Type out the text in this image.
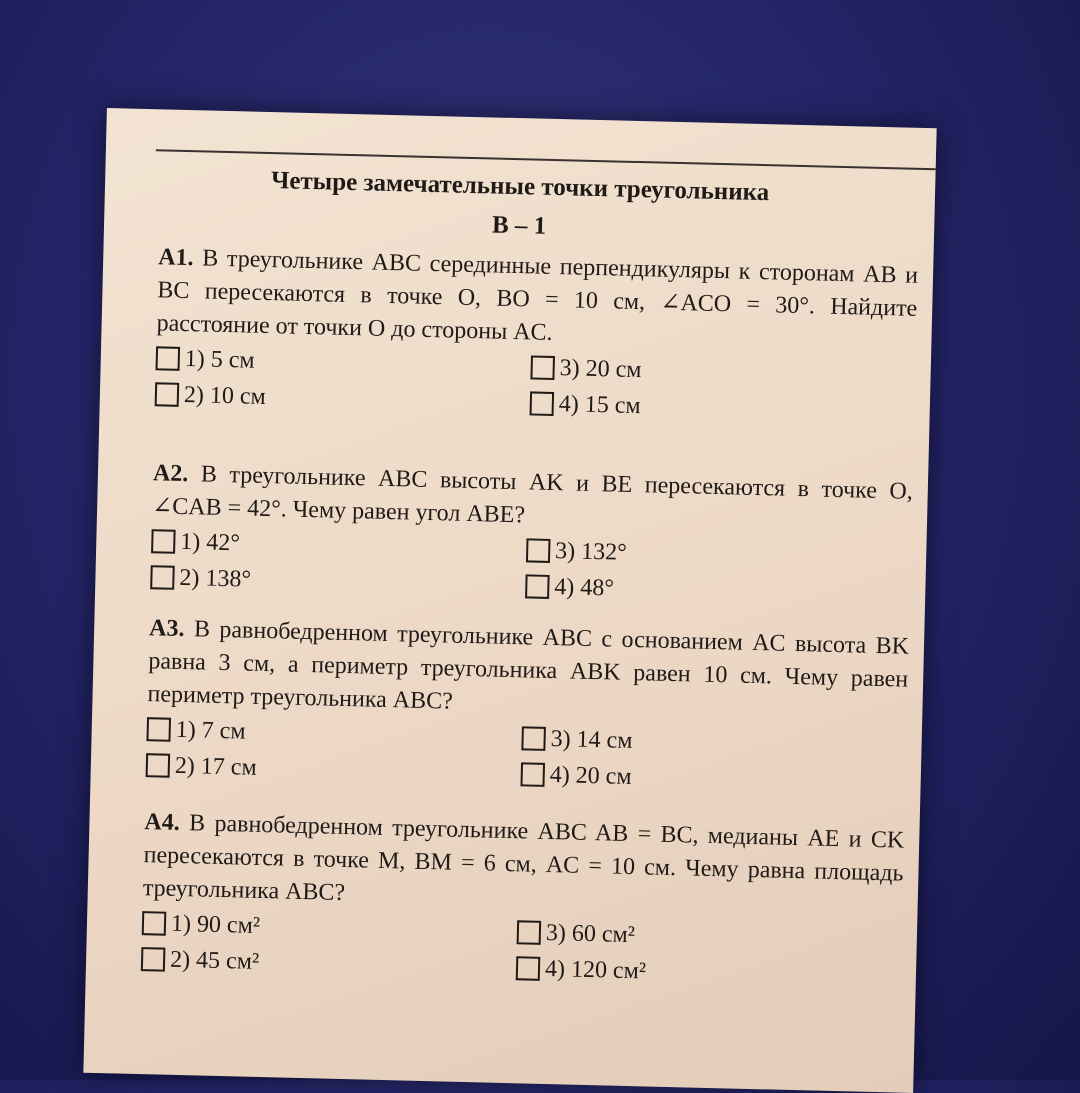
Четыре замечательные точки треугольника
В – 1

А1. В треугольнике ABC серединные перпендикуляры к сторонам AB и BC пересекаются в точке O, BO = 10 см, ∠ACO = 30°. Найдите расстояние от точки O до стороны AC.

1) 5 см	3) 20 см
2) 10 см	4) 15 см

А2. В треугольнике ABC высоты AK и BE пересекаются в точке O, ∠CAB = 42°. Чему равен угол ABE?

1) 42°	3) 132°
2) 138°	4) 48°

А3. В равнобедренном треугольнике ABC с основанием AC высота BK равна 3 см, а периметр треугольника ABK равен 10 см. Чему равен периметр треугольника ABC?

1) 7 см	3) 14 см
2) 17 см	4) 20 см

А4. В равнобедренном треугольнике ABC AB = BC, медианы AE и CK пересекаются в точке M, BM = 6 см, AC = 10 см. Чему равна площадь треугольника ABC?

1) 90 см²	3) 60 см²
2) 45 см²	4) 120 см²
